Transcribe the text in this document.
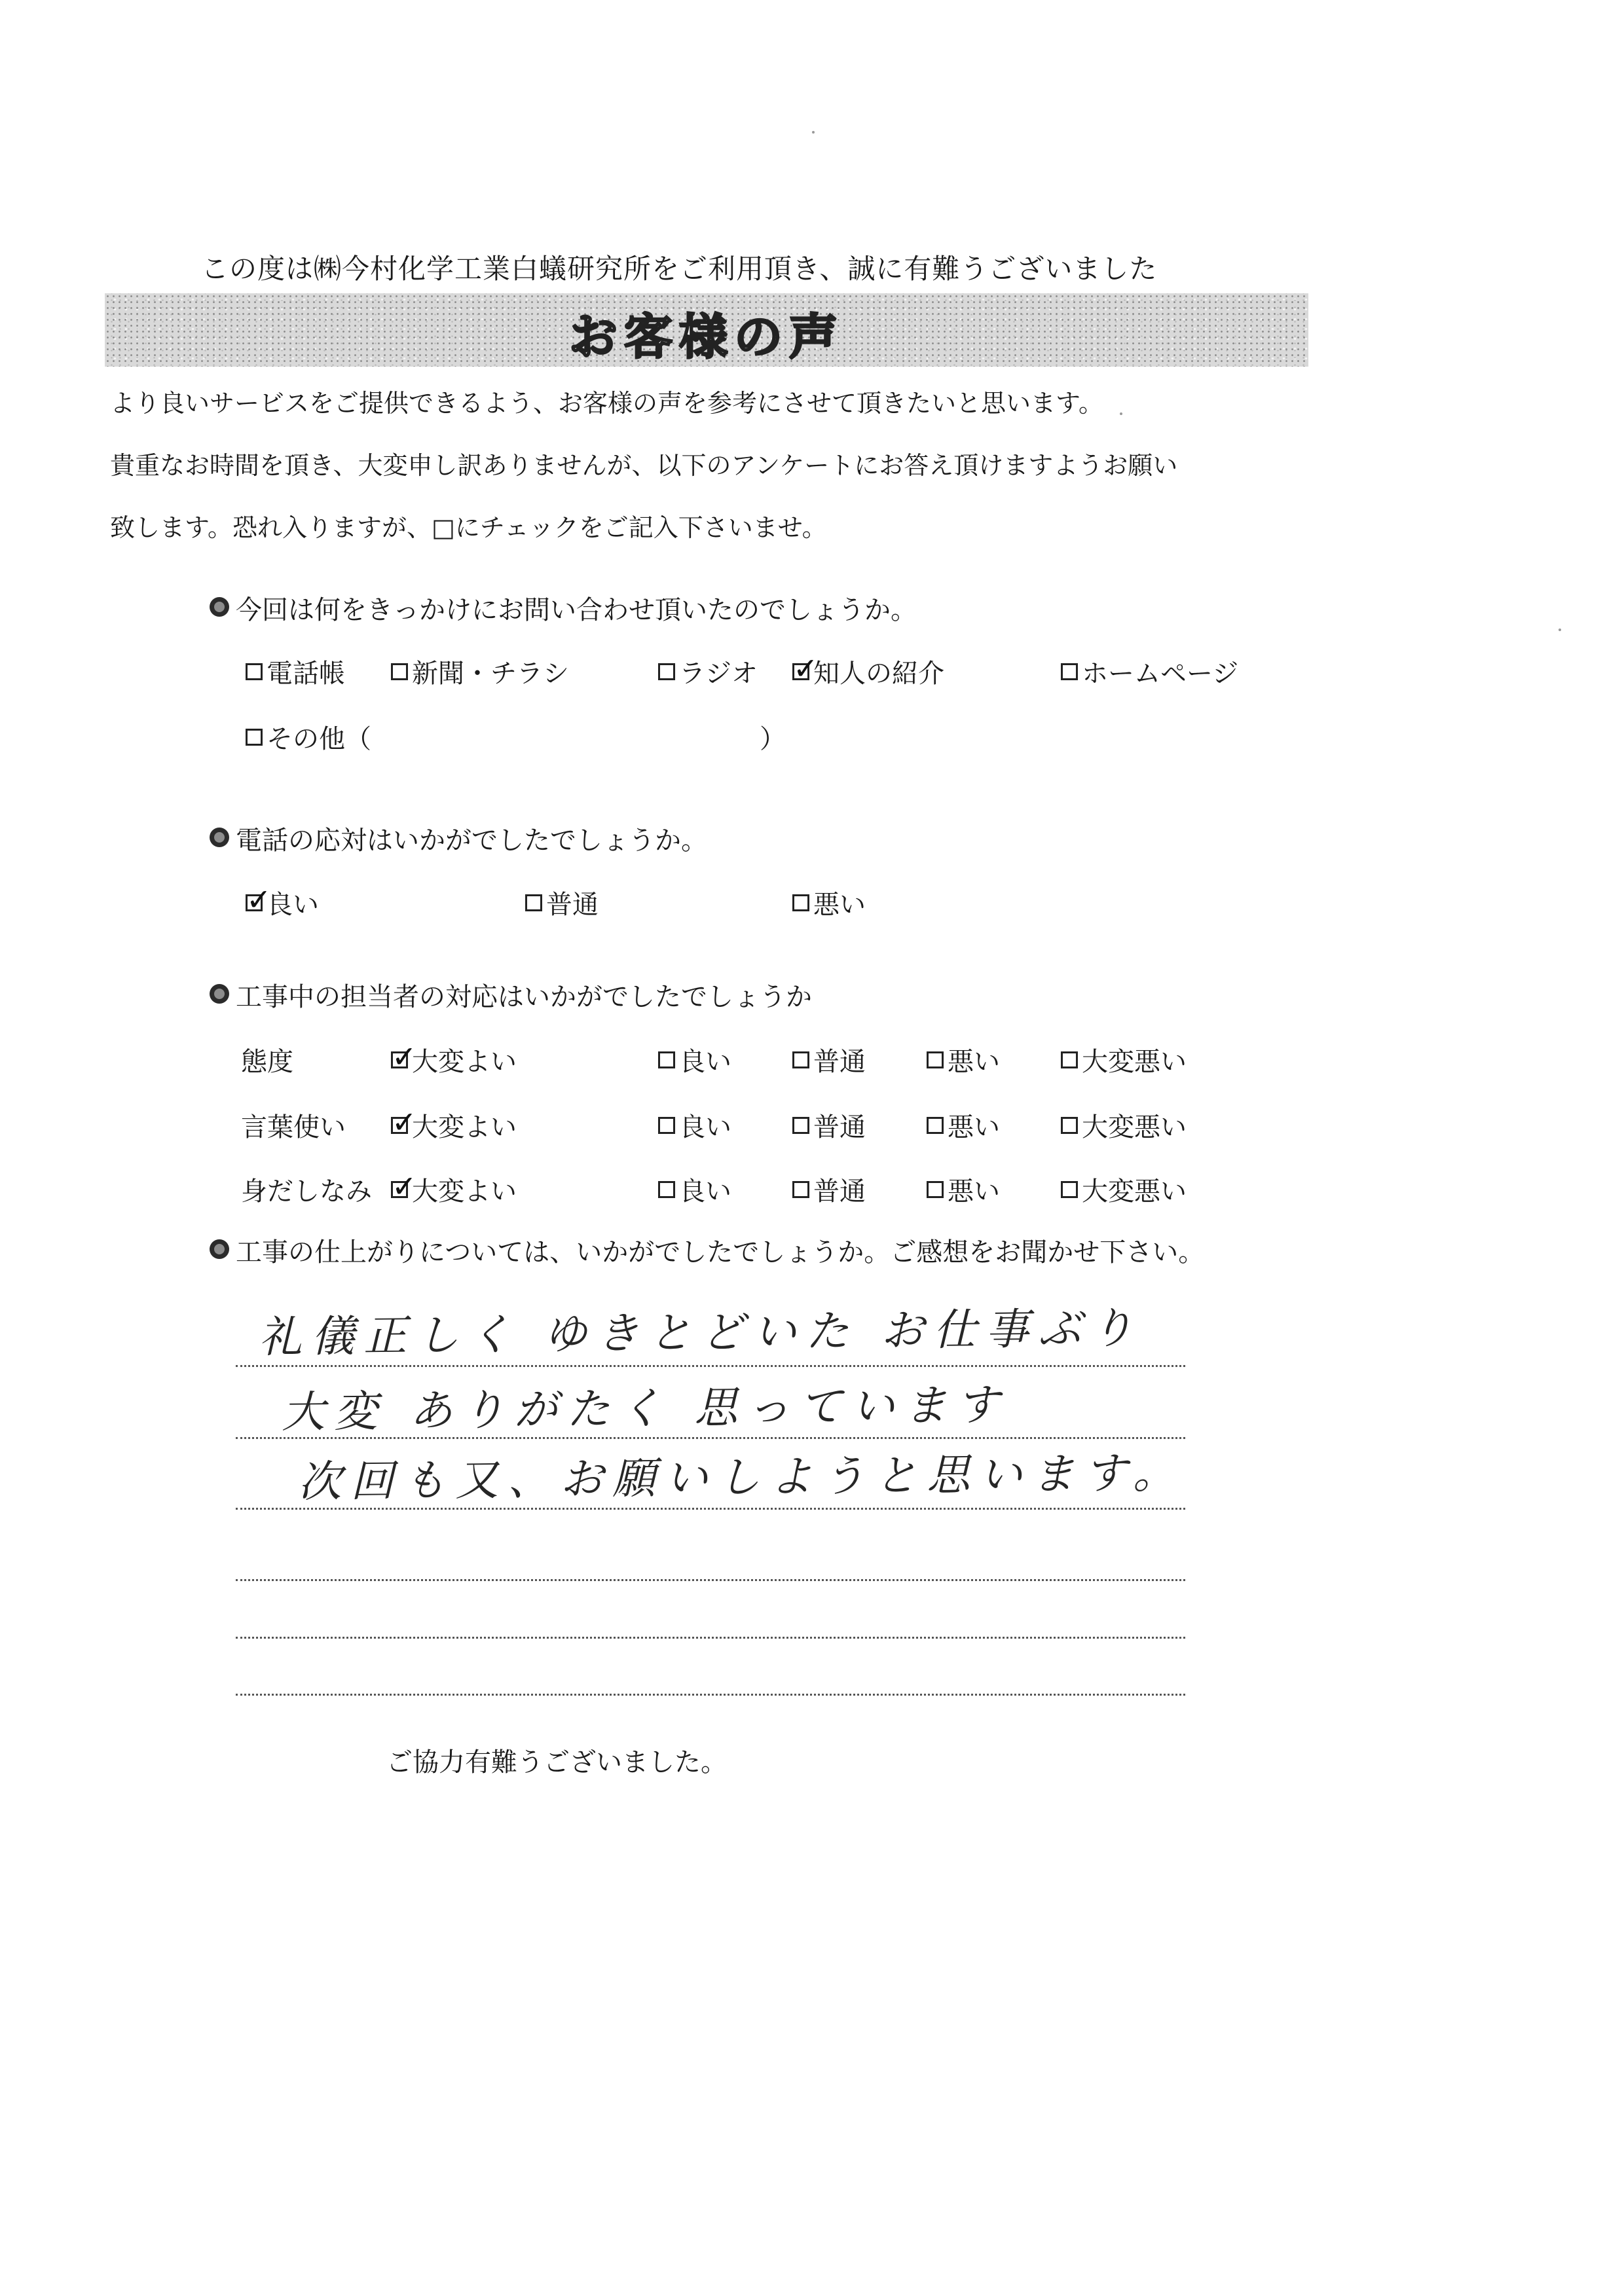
この度は㈱今村化学工業白蟻研究所をご利用頂き、誠に有難うございました
お客様の声
より良いサービスをご提供できるよう、お客様の声を参考にさせて頂きたいと思います。
貴重なお時間を頂き、大変申し訳ありませんが、以下のアンケートにお答え頂けますようお願い
致します。恐れ入りますが、□にチェックをご記入下さいませ。
今回は何をきっかけにお問い合わせ頂いたのでしょうか。
電話帳	新聞・チラシ	ラジオ ✓ 知人の紹介	ホームページ
その他（	）
電話の応対はいかがでしたでしょうか。
✓
良い	普通	悪い
工事中の担当者の対応はいかがでしたでしょうか
態度 ✓	大変よい	良い	普通	悪い	大変悪い
言葉使い ✓	大変よい	良い	普通	悪い	大変悪い
身だしなみ ✓ 大変よい	良い	普通	悪い	大変悪い
工事の仕上がりについては、いかがでしたでしょうか。ご感想をお聞かせ下さい。
礼儀正しく ゆきとどいた お仕事ぶり
大変 ありがたく 思っています
次回も又、お願いしようと思います。
ご協力有難うございました。
